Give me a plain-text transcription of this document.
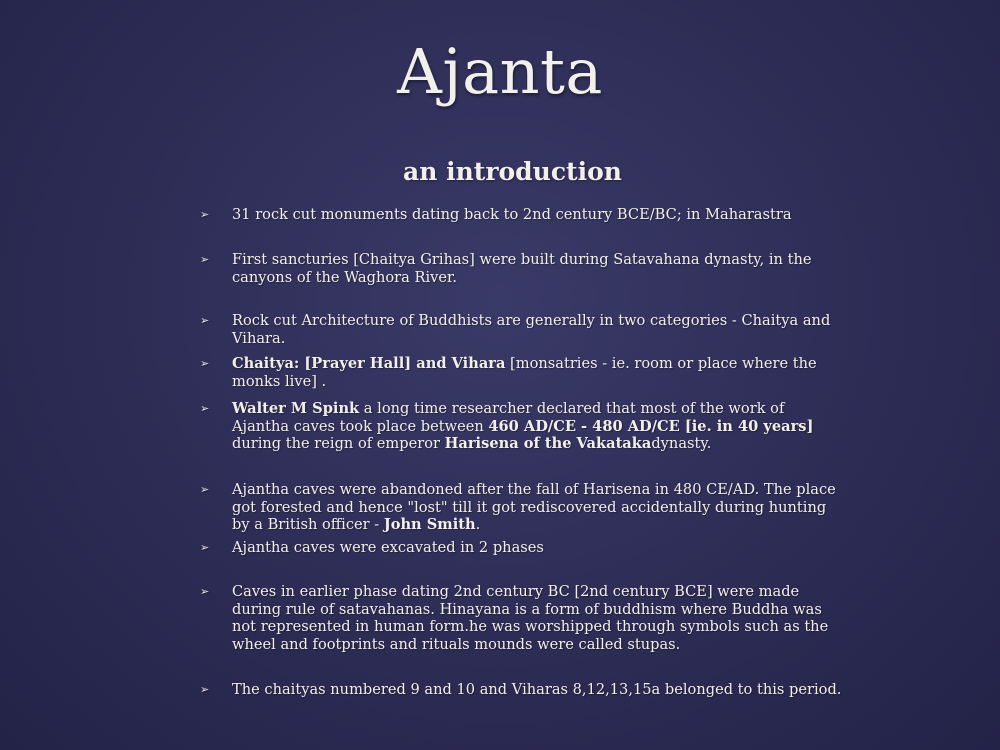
Ajanta
an introduction
➢	31 rock cut monuments dating back to 2nd century BCE/BC; in Maharastra
➢	First sancturies [Chaitya Grihas] were built during Satavahana dynasty, in the canyons of the Waghora River.
➢	Rock cut Architecture of Buddhists are generally in two categories - Chaitya and Vihara.
➢	Chaitya: [Prayer Hall] and Vihara [monsatries - ie. room or place where the monks live] .
➢	Walter M Spink a long time researcher declared that most of the work of Ajantha caves took place between 460 AD/CE - 480 AD/CE [ie. in 40 years] during the reign of emperor Harisena of the Vakatakadynasty.
➢	Ajantha caves were abandoned after the fall of Harisena in 480 CE/AD. The place got forested and hence "lost" till it got rediscovered accidentally during hunting by a British officer - John Smith.
➢	Ajantha caves were excavated in 2 phases
➢	Caves in earlier phase dating 2nd century BC [2nd century BCE] were made during rule of satavahanas. Hinayana is a form of buddhism where Buddha was not represented in human form.he was worshipped through symbols such as the wheel and footprints and rituals mounds were called stupas.
➢	The chaityas numbered 9 and 10 and Viharas 8,12,13,15a belonged to this period.
